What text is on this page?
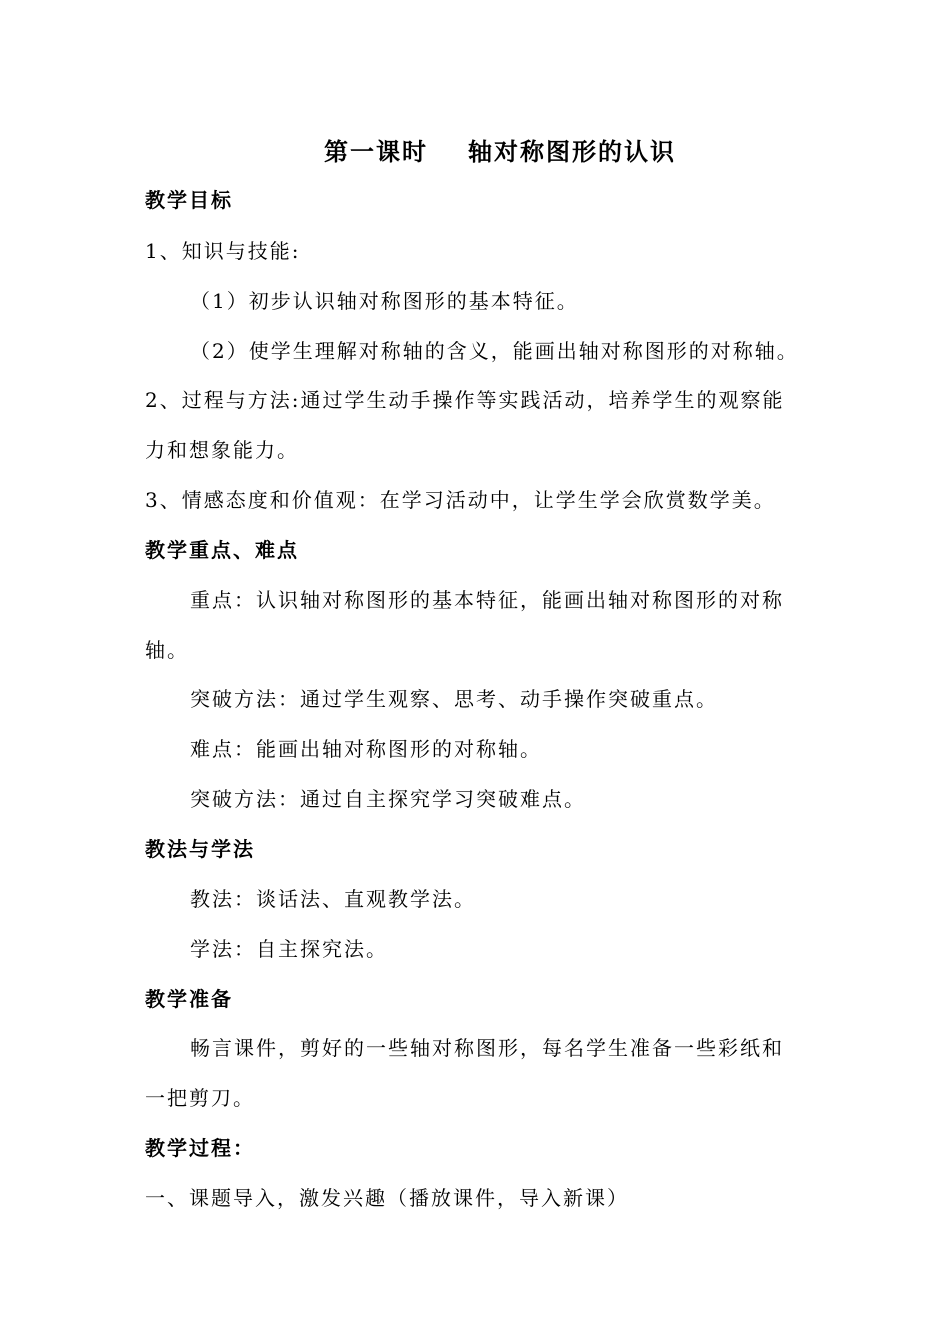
第一课时 轴对称图形的认识
教学目标
1、知识与技能:
（1）初步认识轴对称图形的基本特征。
（2）使学生理解对称轴的含义，能画出轴对称图形的对称轴。
2、过程与方法:通过学生动手操作等实践活动，培养学生的观察能
力和想象能力。
3、情感态度和价值观：在学习活动中，让学生学会欣赏数学美。
教学重点、难点
重点：认识轴对称图形的基本特征，能画出轴对称图形的对称
轴。
突破方法：通过学生观察、思考、动手操作突破重点。
难点：能画出轴对称图形的对称轴。
突破方法：通过自主探究学习突破难点。
教法与学法
教法：谈话法、直观教学法。
学法：自主探究法。
教学准备
畅言课件，剪好的一些轴对称图形，每名学生准备一些彩纸和
一把剪刀。
教学过程：
一、课题导入，激发兴趣（播放课件，导入新课）
